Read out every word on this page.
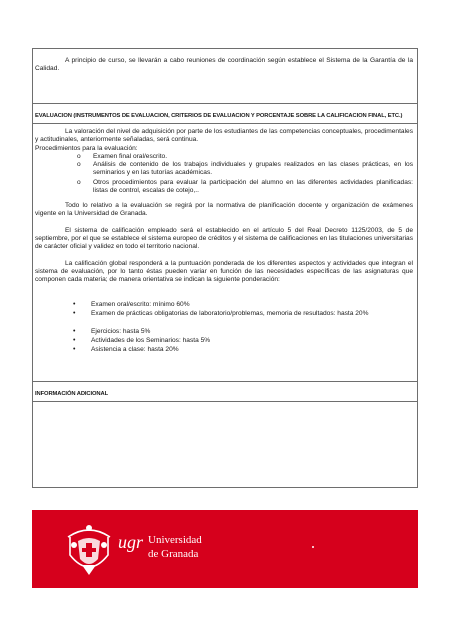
A principio de curso, se llevarán a cabo reuniones de coordinación según establece el Sistema de la Garantía de la Calidad.
EVALUACIÓN (INSTRUMENTOS DE EVALUACIÓN, CRITERIOS DE EVALUACIÓN Y PORCENTAJE SOBRE LA CALIFICACIÓN FINAL, ETC.)
La valoración del nivel de adquisición por parte de los estudiantes de las competencias conceptuales, procedimentales y actitudinales, anteriormente señaladas, será continua.
Procedimientos para la evaluación:
o Examen final oral/escrito.
o Análisis de contenido de los trabajos individuales y grupales realizados en las clases prácticas, en los seminarios y en las tutorías académicas.
o Otros procedimientos para evaluar la participación del alumno en las diferentes actividades planificadas: listas de control, escalas de cotejo,..
Todo lo relativo a la evaluación se regirá por la normativa de planificación docente y organización de exámenes vigente en la Universidad de Granada.
El sistema de calificación empleado será el establecido en el artículo 5 del Real Decreto 1125/2003, de 5 de septiembre, por el que se establece el sistema europeo de créditos y el sistema de calificaciones en las titulaciones universitarias de carácter oficial y validez en todo el territorio nacional.
La calificación global responderá a la puntuación ponderada de los diferentes aspectos y actividades que integran el sistema de evaluación, por lo tanto éstas pueden variar en función de las necesidades específicas de las asignaturas que componen cada materia; de manera orientativa se indican la siguiente ponderación:
• Examen oral/escrito: mínimo 60%
• Examen de prácticas obligatorias de laboratorio/problemas, memoria de resultados: hasta 20%
• Ejercicios: hasta 5%
• Actividades de los Seminarios: hasta 5%
• Asistencia a clase: hasta 20%
INFORMACIÓN ADICIONAL
ugr Universidad
de Granada
